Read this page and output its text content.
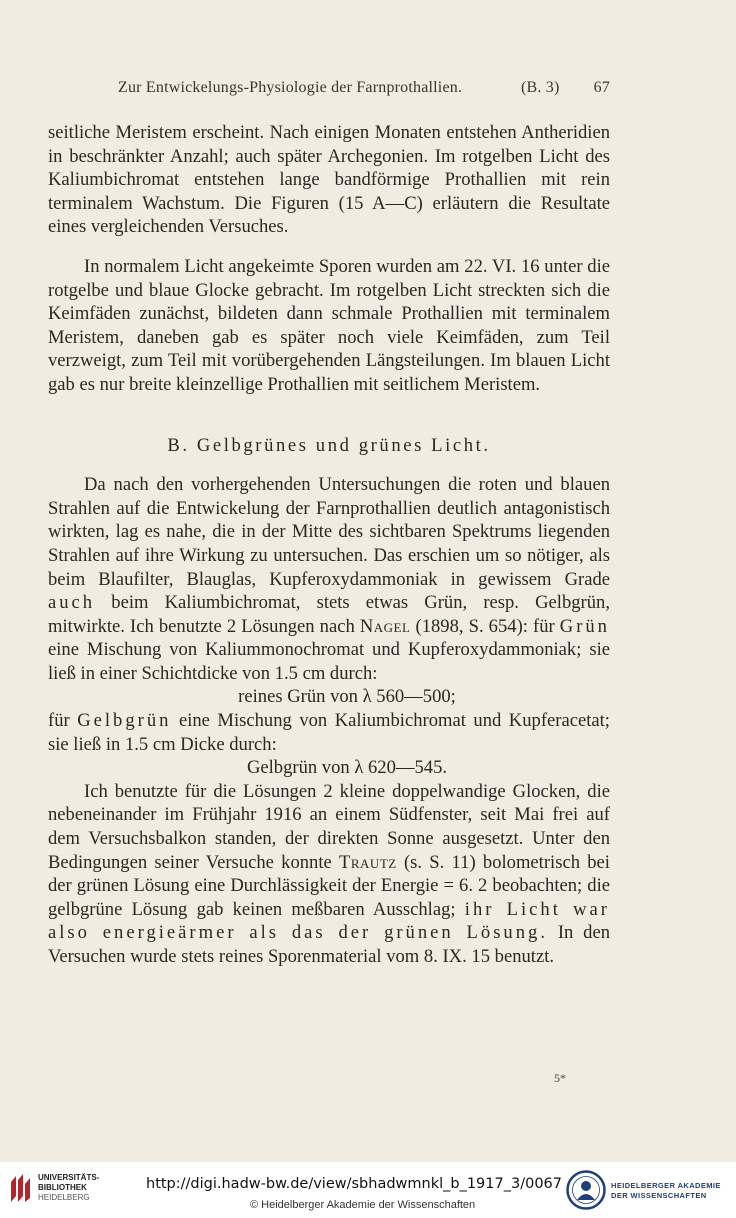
Zur Entwickelungs-Physiologie der Farnprothallien.	(B. 3) 67

seitliche Meristem erscheint. Nach einigen Monaten entstehen Antheridien in beschränkter Anzahl; auch später Archegonien. Im rotgelben Licht des Kaliumbichromat entstehen lange bandförmige Prothallien mit rein terminalem Wachstum. Die Figuren (15 A—C) erläutern die Resultate eines vergleichenden Versuches.

In normalem Licht angekeimte Sporen wurden am 22. VI. 16 unter die rotgelbe und blaue Glocke gebracht. Im rotgelben Licht streckten sich die Keimfäden zunächst, bildeten dann schmale Prothallien mit terminalem Meristem, daneben gab es später noch viele Keimfäden, zum Teil verzweigt, zum Teil mit vorübergehenden Längsteilungen. Im blauen Licht gab es nur breite kleinzellige Prothallien mit seitlichem Meristem.

B. Gelbgrünes und grünes Licht.

Da nach den vorhergehenden Untersuchungen die roten und blauen Strahlen auf die Entwickelung der Farnprothallien deutlich antagonistisch wirkten, lag es nahe, die in der Mitte des sichtbaren Spektrums liegenden Strahlen auf ihre Wirkung zu untersuchen. Das erschien um so nötiger, als beim Blaufilter, Blauglas, Kupferoxydammoniak in gewissem Grade auch beim Kaliumbichromat, stets etwas Grün, resp. Gelbgrün, mitwirkte. Ich benutzte 2 Lösungen nach Nagel (1898, S. 654): für Grün eine Mischung von Kaliummonochromat und Kupferoxydammoniak; sie ließ in einer Schichtdicke von 1.5 cm durch:

reines Grün von λ 560—500;

für Gelbgrün eine Mischung von Kaliumbichromat und Kupferacetat; sie ließ in 1.5 cm Dicke durch:

Gelbgrün von λ 620—545.

Ich benutzte für die Lösungen 2 kleine doppelwandige Glocken, die nebeneinander im Frühjahr 1916 an einem Südfenster, seit Mai frei auf dem Versuchsbalkon standen, der direkten Sonne ausgesetzt. Unter den Bedingungen seiner Versuche konnte Trautz (s. S. 11) bolometrisch bei der grünen Lösung eine Durchlässigkeit der Energie = 6. 2 beobachten; die gelbgrüne Lösung gab keinen meßbaren Ausschlag; ihr Licht war also energieärmer als das der grünen Lösung. In den Versuchen wurde stets reines Sporenmaterial vom 8. IX. 15 benutzt.

5*
UNIVERSITÄTS-
BIBLIOTHEK
HEIDELBERG
http://digi.hadw-bw.de/view/sbhadwmnkl_b_1917_3/0067
© Heidelberger Akademie der Wissenschaften
HEIDELBERGER AKADEMIE
DER WISSENSCHAFTEN
